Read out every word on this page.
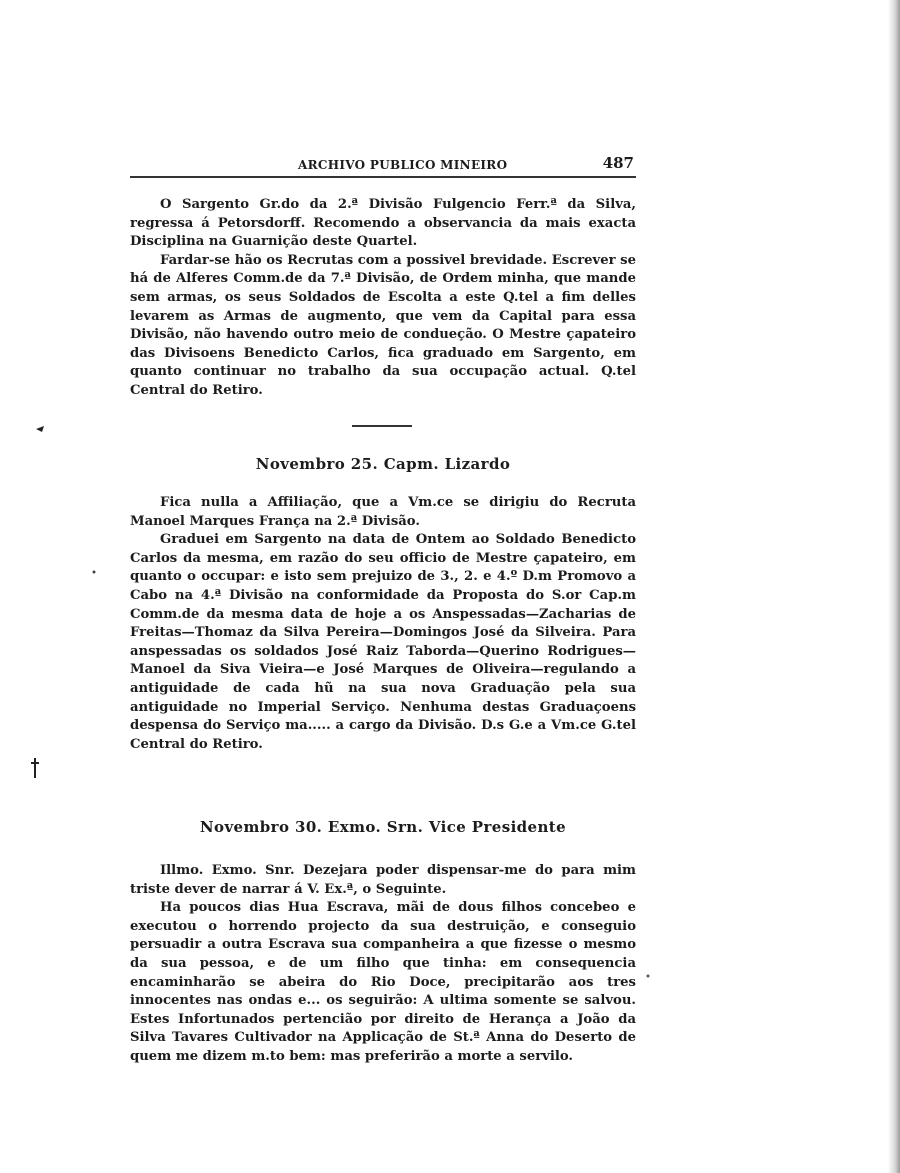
ARCHIVO PUBLICO MINEIRO	487

O Sargento Gr.do da 2.ª Divisão Fulgencio Ferr.ª da Silva, regressa á Petorsdorff. Recomendo a observancia da mais exacta Disciplina na Guarnição deste Quartel.

Fardar-se hão os Recrutas com a possivel brevidade. Escrever se há de Alferes Comm.de da 7.ª Divisão, de Ordem minha, que mande sem armas, os seus Soldados de Escolta a este Q.tel a fim delles levarem as Armas de augmento, que vem da Capital para essa Divisão, não havendo outro meio de condueção. O Mestre çapateiro das Divisoens Benedicto Carlos, fica graduado em Sargento, em quanto continuar no trabalho da sua occupação actual. Q.tel Central do Retiro.

Novembro 25. Capm. Lizardo

Fica nulla a Affiliação, que a Vm.ce se dirigiu do Recruta Manoel Marques França na 2.ª Divisão.

Graduei em Sargento na data de Ontem ao Soldado Benedicto Carlos da mesma, em razão do seu officio de Mestre çapateiro, em quanto o occupar: e isto sem prejuizo de 3., 2. e 4.º D.m Promovo a Cabo na 4.ª Divisão na conformidade da Proposta do S.or Cap.m Comm.de da mesma data de hoje a os Anspessadas—Zacharias de Freitas—Thomaz da Silva Pereira—Domingos José da Silveira. Para anspessadas os soldados José Raiz Taborda—Querino Rodrigues—Manoel da Siva Vieira—e José Marques de Oliveira—regulando a antiguidade de cada hũ na sua nova Graduação pela sua antiguidade no Imperial Serviço. Nenhuma destas Graduaçoens despensa do Serviço ma..... a cargo da Divisão. D.s G.e a Vm.ce G.tel Central do Retiro.

Novembro 30. Exmo. Srn. Vice Presidente

Illmo. Exmo. Snr. Dezejara poder dispensar-me do para mim triste dever de narrar á V. Ex.ª, o Seguinte.

Ha poucos dias Hua Escrava, mãi de dous filhos concebeo e executou o horrendo projecto da sua destruição, e conseguio persuadir a outra Escrava sua companheira a que fizesse o mesmo da sua pessoa, e de um filho que tinha: em consequencia encaminharão se abeira do Rio Doce, precipitarão aos tres innocentes nas ondas e... os seguirão: A ultima somente se salvou. Estes Infortunados pertencião por direito de Herança a João da Silva Tavares Cultivador na Applicação de St.ª Anna do Deserto de quem me dizem m.to bem: mas preferirão a morte a servilo.
